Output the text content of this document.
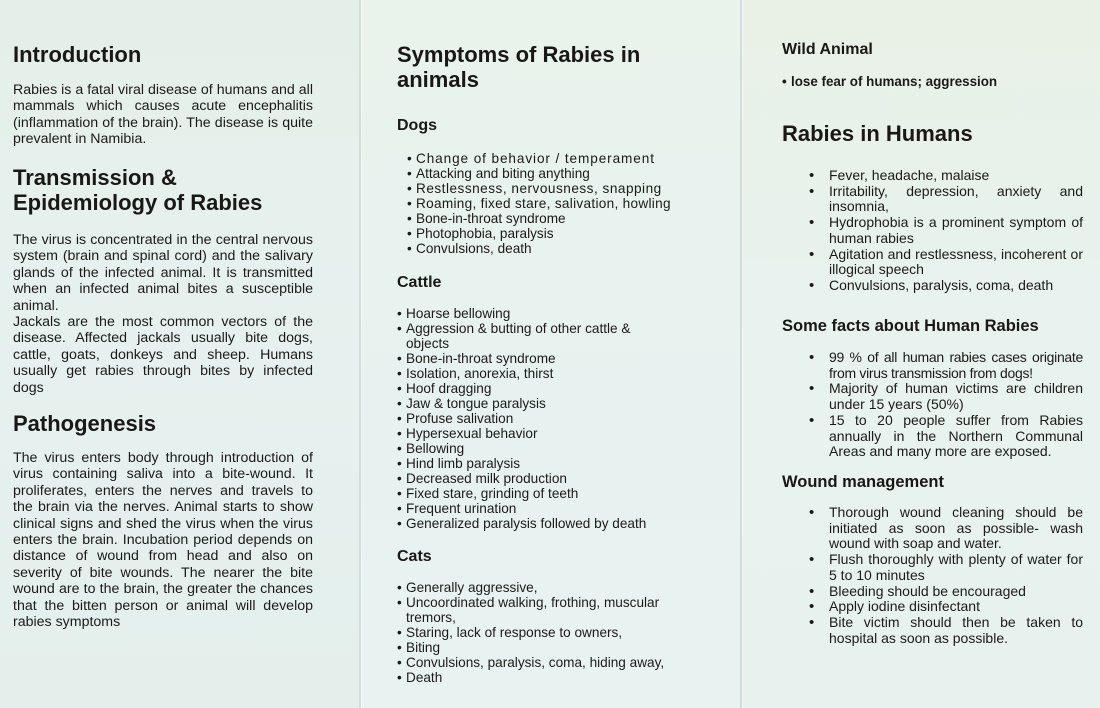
Introduction

Rabies is a fatal viral disease of humans and all mammals which causes acute encephalitis (inflammation of the brain). The disease is quite prevalent in Namibia.

Transmission & Epidemiology of Rabies

The virus is concentrated in the central nervous system (brain and spinal cord) and the salivary glands of the infected animal. It is transmitted when an infected animal bites a susceptible animal.

Jackals are the most common vectors of the disease. Affected jackals usually bite dogs, cattle, goats, donkeys and sheep. Humans usually get rabies through bites by infected dogs

Pathogenesis

The virus enters body through introduction of virus containing saliva into a bite-wound. It proliferates, enters the nerves and travels to the brain via the nerves. Animal starts to show clinical signs and shed the virus when the virus enters the brain. Incubation period depends on distance of wound from head and also on severity of bite wounds. The nearer the bite wound are to the brain, the greater the chances that the bitten person or animal will develop rabies symptoms

Symptoms of Rabies in animals
Dogs
• Change of behavior / temperament
• Attacking and biting anything
• Restlessness, nervousness, snapping
• Roaming, fixed stare, salivation, howling
• Bone-in-throat syndrome
• Photophobia, paralysis
• Convulsions, death
Cattle
• Hoarse bellowing
• Aggression & butting of other cattle & objects
• Bone-in-throat syndrome
• Isolation, anorexia, thirst
• Hoof dragging
• Jaw & tongue paralysis
• Profuse salivation
• Hypersexual behavior
• Bellowing
• Hind limb paralysis
• Decreased milk production
• Fixed stare, grinding of teeth
• Frequent urination
• Generalized paralysis followed by death
Cats
• Generally aggressive,
• Uncoordinated walking, frothing, muscular tremors,
• Staring, lack of response to owners,
• Biting
• Convulsions, paralysis, coma, hiding away,
• Death
Wild Animal
• lose fear of humans; aggression
Rabies in Humans
• Fever, headache, malaise
• Irritability, depression, anxiety and insomnia,
• Hydrophobia is a prominent symptom of human rabies
• Agitation and restlessness, incoherent or illogical speech
• Convulsions, paralysis, coma, death
Some facts about Human Rabies
• 99 % of all human rabies cases originate from virus transmission from dogs!
• Majority of human victims are children under 15 years (50%)
• 15 to 20 people suffer from Rabies annually in the Northern Communal Areas and many more are exposed.
Wound management
• Thorough wound cleaning should be initiated as soon as possible- wash wound with soap and water.
• Flush thoroughly with plenty of water for 5 to 10 minutes
• Bleeding should be encouraged
• Apply iodine disinfectant
• Bite victim should then be taken to hospital as soon as possible.
